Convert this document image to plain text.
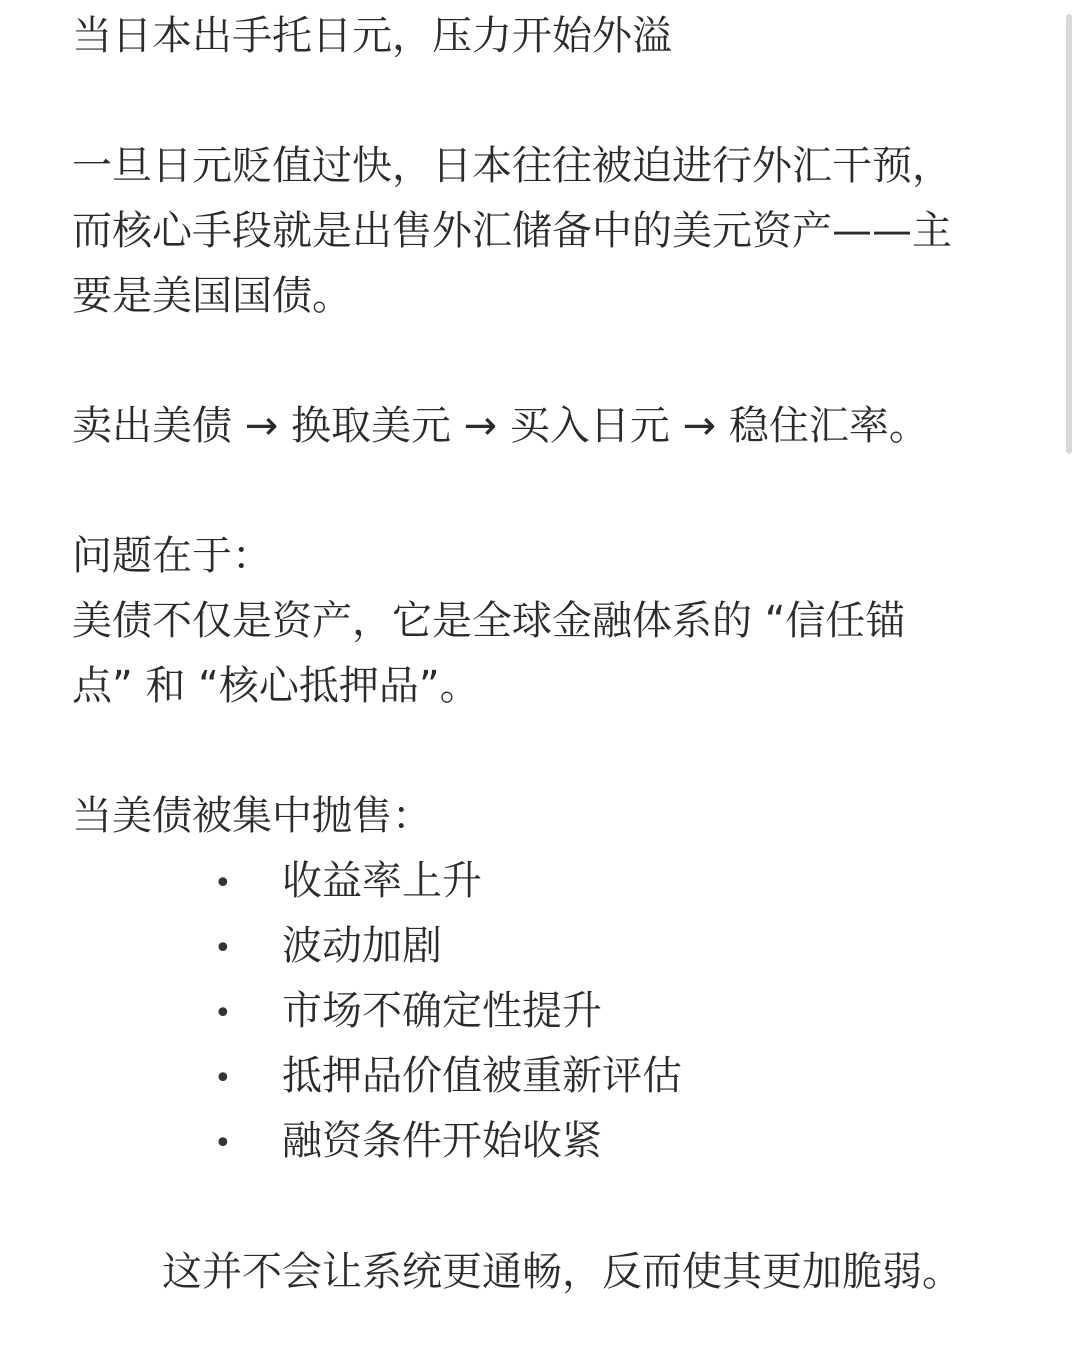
当日本出手托日元，压力开始外溢
一旦日元贬值过快，日本往往被迫进行外汇干预，
而核心手段就是出售外汇储备中的美元资产——主
要是美国国债。
卖出美债 → 换取美元 → 买入日元 → 稳住汇率。
问题在于：
美债不仅是资产，它是全球金融体系的 “信任锚
点” 和 “核心抵押品”。
当美债被集中抛售：
• 收益率上升
• 波动加剧
• 市场不确定性提升
• 抵押品价值被重新评估
• 融资条件开始收紧
这并不会让系统更通畅，反而使其更加脆弱。
